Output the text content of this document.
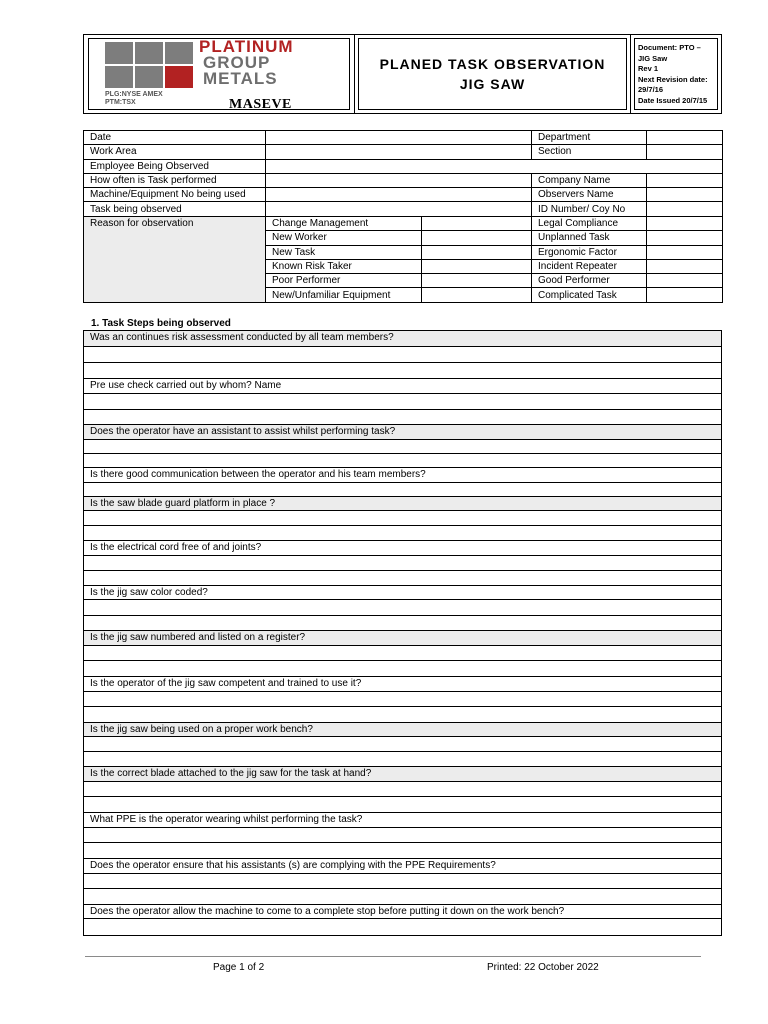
PLATINUM
GROUP
METALS
PLG:NYSE AMEX
PTM:TSX	MASEVE
PLANED TASK OBSERVATION
JIG SAW
Document: PTO –
JIG Saw
Rev 1
Next Revision date:
29/7/16
Date Issued 20/7/15
Date		Department	
Work Area		Section	
Employee Being Observed			
How often is Task performed		Company Name	
Machine/Equipment No being used		Observers Name	
Task being observed		ID Number/ Coy No	
Reason for observation	Change Management		Legal Compliance	
	New Worker		Unplanned Task	
	New Task		Ergonomic Factor	
	Known Risk Taker		Incident Repeater	
	Poor Performer		Good Performer	
	New/Unfamiliar Equipment		Complicated Task	
1. Task Steps being observed
Was an continues risk assessment conducted by all team members?
Pre use check carried out by whom? Name
Does the operator have an assistant to assist whilst performing task?
Is there good communication between the operator and his team members?
Is the saw blade guard platform in place ?
Is the electrical cord free of and joints?
Is the jig saw color coded?
Is the jig saw numbered and listed on a register?
Is the operator of the jig saw competent and trained to use it?
Is the jig saw being used on a proper work bench?
Is the correct blade attached to the jig saw for the task at hand?
What PPE is the operator wearing whilst performing the task?
Does the operator ensure that his assistants (s) are complying with the PPE Requirements?
Does the operator allow the machine to come to a complete stop before putting it down on the work bench?
Page 1 of 2	Printed: 22 October 2022
